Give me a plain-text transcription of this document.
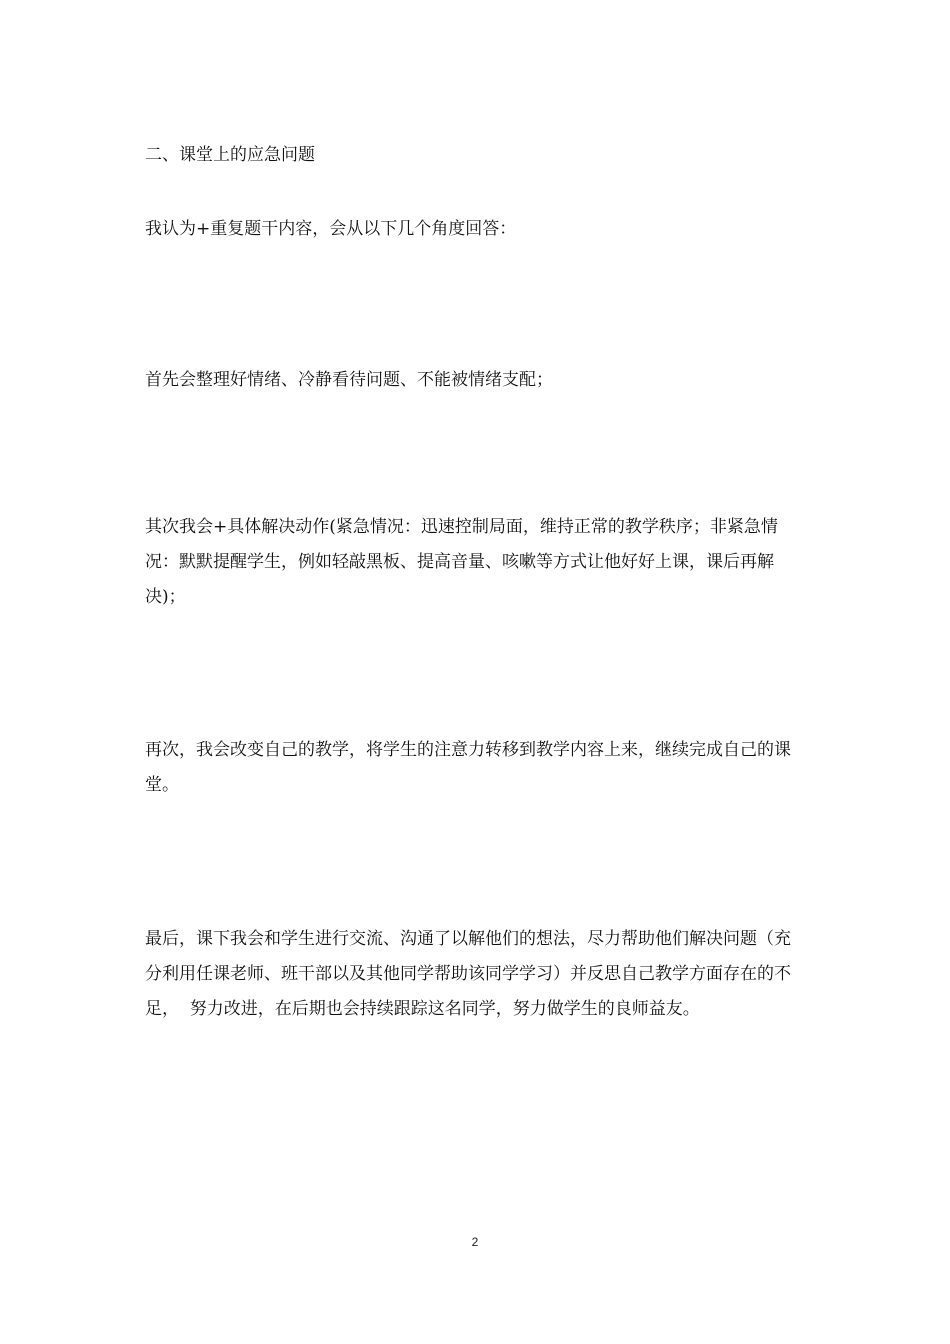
二、课堂上的应急问题

我认为+重复题干内容，会从以下几个角度回答：

首先会整理好情绪、冷静看待问题、不能被情绪支配；

其次我会+具体解决动作(紧急情况：迅速控制局面，维持正常的教学秩序；非紧急情况：默默提醒学生，例如轻敲黑板、提高音量、咳嗽等方式让他好好上课，课后再解决)；

再次，我会改变自己的教学，将学生的注意力转移到教学内容上来，继续完成自己的课  堂。

最后，课下我会和学生进行交流、沟通了以解他们的想法，尽力帮助他们解决问题（充  分利用任课老师、班干部以及其他同学帮助该同学学习）并反思自己教学方面存在的不足，  努力改进，在后期也会持续跟踪这名同学，努力做学生的良师益友。

2
